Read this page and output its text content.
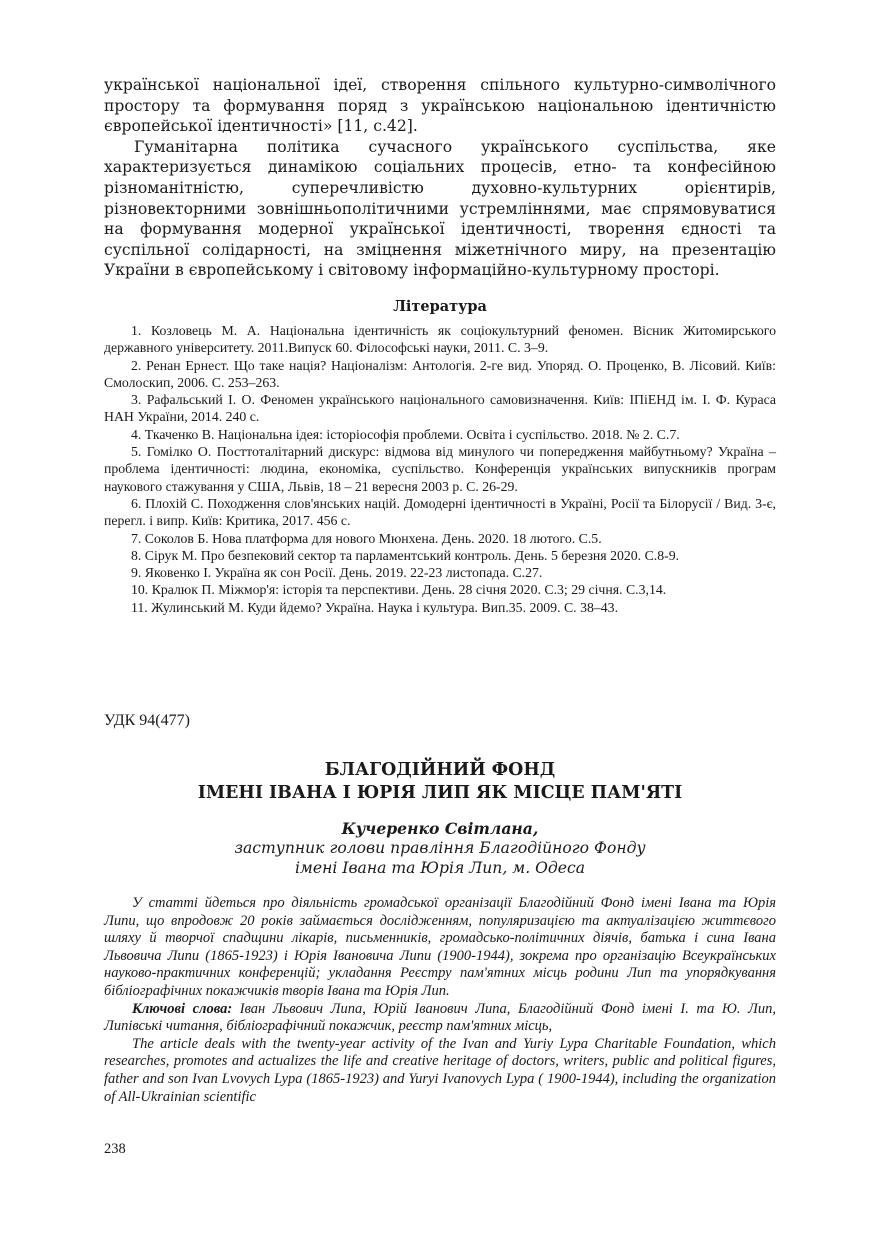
української національної ідеї, створення спільного культурно-символічного простору та формування поряд з українською національною ідентичністю європейської ідентичності» [11, с.42].

Гуманітарна політика сучасного українського суспільства, яке характеризується динамікою соціальних процесів, етно- та конфесійною різноманітністю, суперечливістю духовно-культурних орієнтирів, різновекторними зовнішньополітичними устремліннями, має спрямовуватися на формування модерної української ідентичності, творення єдності та суспільної солідарності, на зміцнення міжетнічного миру, на презентацію України в європейському і світовому інформаційно-культурному просторі.

Література

1. Козловець М. А. Національна ідентичність як соціокультурний феномен. Вісник Житомирського державного університету. 2011.Випуск 60. Філософські науки, 2011. С. 3–9.

2. Ренан Ернест. Що таке нація? Націоналізм: Антологія. 2-ге вид. Упоряд. О. Проценко, В. Лісовий. Київ: Смолоскип, 2006. С. 253–263.

3. Рафальський І. О. Феномен українського національного самовизначення. Київ: ІПіЕНД ім. І. Ф. Кураса НАН України, 2014. 240 с.

4. Ткаченко В. Національна ідея: історіософія проблеми. Освіта і суспільство. 2018. № 2. С.7.

5. Гомілко О. Посттоталітарний дискурс: відмова від минулого чи попередження майбутньому? Україна – проблема ідентичності: людина, економіка, суспільство. Конференція українських випускників програм наукового стажування у США, Львів, 18 – 21 вересня 2003 р. С. 26-29.

6. Плохій С. Походження слов'янських націй. Домодерні ідентичності в Україні, Росії та Білорусії / Вид. 3-є, перегл. і випр. Київ: Критика, 2017. 456 с.

7. Соколов Б. Нова платформа для нового Мюнхена. День. 2020. 18 лютого. С.5.

8. Сірук М. Про безпековий сектор та парламентський контроль. День. 5 березня 2020. С.8-9.

9. Яковенко І. Україна як сон Росії. День. 2019. 22-23 листопада. С.27.

10. Кралюк П. Міжмор'я: історія та перспективи. День. 28 січня 2020. С.3; 29 січня. С.3,14.

11. Жулинський М. Куди йдемо? Україна. Наука і культура. Вип.35. 2009. С. 38–43.

УДК 94(477)
БЛАГОДІЙНИЙ ФОНД
ІМЕНІ ІВАНА І ЮРІЯ ЛИП ЯК МІСЦЕ ПАМ'ЯТІ
Кучеренко Світлана,
заступник голови правління Благодійного Фонду
імені Івана та Юрія Лип, м. Одеса

У статті йдеться про діяльність громадської організації Благодійний Фонд імені Івана та Юрія Липи, що впродовж 20 років займається дослідженням, популяризацією та актуалізацією життєвого шляху й творчої спадщини лікарів, письменників, громадсько-політичних діячів, батька і сина Івана Львовича Липи (1865-1923) і Юрія Івановича Липи (1900-1944), зокрема про організацію Всеукраїнських науково-практичних конференцій; укладання Реєстру пам'ятних місць родини Лип та упорядкування бібліографічних покажчиків творів Івана та Юрія Лип.

Ключові слова: Іван Львович Липа, Юрій Іванович Липа, Благодійний Фонд імені І. та Ю. Лип, Липівські читання, бібліографічний покажчик, реєстр пам'ятних місць,

The article deals with the twenty-year activity of the Ivan and Yuriy Lypa Charitable Foundation, which researches, promotes and actualizes the life and creative heritage of doctors, writers, public and political figures, father and son Ivan Lvovych Lypa (1865-1923) and Yuryi Ivanovych Lypa ( 1900-1944), including the organization of All-Ukrainian scientific

238
